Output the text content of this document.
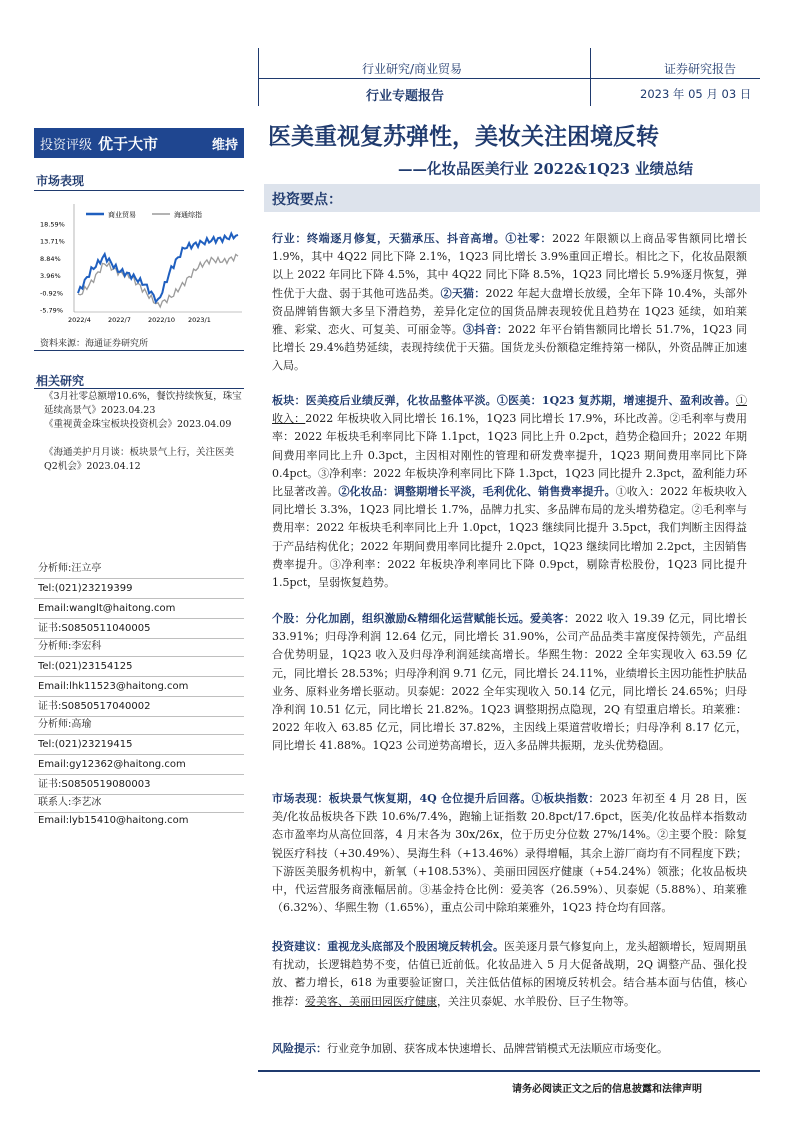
行业研究/商业贸易	证券研究报告
行业专题报告	2023 年 05 月 03 日
投资评级 优于大市	维持
市场表现
18.59%
13.71%
8.84%
3.96%
-0.92%
-5.79%
2022/4	2022/7	2022/10 2023/1
商业贸易	海通综指
资料来源：海通证券研究所
相关研究
《3月社零总额增10.6%，餐饮持续恢复，珠宝延续高景气》2023.04.23
《重视黄金珠宝板块投资机会》2023.04.09
《海通美护月月谈：板块景气上行，关注医美Q2机会》2023.04.12
分析师:汪立亭
Tel:(021)23219399
Email:wanglt@haitong.com
证书:S0850511040005
分析师:李宏科
Tel:(021)23154125
Email:lhk11523@haitong.com
证书:S0850517040002
分析师:高瑜
Tel:(021)23219415
Email:gy12362@haitong.com
证书:S0850519080003
联系人:李艺冰
Email:lyb15410@haitong.com
医美重视复苏弹性，美妆关注困境反转
——化妆品医美行业 2022&1Q23 业绩总结
投资要点：
行业：终端逐月修复，天猫承压、抖音高增。①社零：2022 年限额以上商品零售额同比增长 1.9%，其中 4Q22 同比下降 2.1%，1Q23 同比增长 3.9%重回正增长。相比之下，化妆品限额以上 2022 年同比下降 4.5%，其中 4Q22 同比下降 8.5%，1Q23 同比增长 5.9%逐月恢复，弹性优于大盘、弱于其他可选品类。②天猫：2022 年起大盘增长放缓，全年下降 10.4%，头部外资品牌销售额大多呈下滑趋势，差异化定位的国货品牌表现较优且趋势在 1Q23 延续，如珀莱雅、彩棠、恋火、可复美、可丽金等。③抖音：2022 年平台销售额同比增长 51.7%，1Q23 同比增长 29.4%趋势延续，表现持续优于天猫。国货龙头份额稳定维持第一梯队，外资品牌正加速入局。
板块：医美疫后业绩反弹，化妆品整体平淡。①医美：1Q23 复苏期，增速提升、盈利改善。①收入：2022 年板块收入同比增长 16.1%，1Q23 同比增长 17.9%，环比改善。②毛利率与费用率：2022 年板块毛利率同比下降 1.1pct，1Q23 同比上升 0.2pct，趋势企稳回升；2022 年期间费用率同比上升 0.3pct，主因相对刚性的管理和研发费率提升，1Q23 期间费用率同比下降 0.4pct。③净利率：2022 年板块净利率同比下降 1.3pct，1Q23 同比提升 2.3pct，盈利能力环比显著改善。②化妆品：调整期增长平淡，毛利优化、销售费率提升。①收入：2022 年板块收入同比增长 3.3%，1Q23 同比增长 1.7%，品牌力扎实、多品牌布局的龙头增势稳定。②毛利率与费用率：2022 年板块毛利率同比上升 1.0pct，1Q23 继续同比提升 3.5pct，我们判断主因得益于产品结构优化；2022 年期间费用率同比提升 2.0pct，1Q23 继续同比增加 2.2pct，主因销售费率提升。③净利率：2022 年板块净利率同比下降 0.9pct，剔除青松股份，1Q23 同比提升 1.5pct，呈弱恢复趋势。
个股：分化加剧，组织激励&精细化运营赋能长远。爱美客：2022 收入 19.39 亿元，同比增长 33.91%；归母净利润 12.64 亿元，同比增长 31.90%，公司产品品类丰富度保持领先，产品组合优势明显，1Q23 收入及归母净利润延续高增长。华熙生物：2022 全年实现收入 63.59 亿元，同比增长 28.53%；归母净利润 9.71 亿元，同比增长 24.11%，业绩增长主因功能性护肤品业务、原料业务增长驱动。贝泰妮：2022 全年实现收入 50.14 亿元，同比增长 24.65%；归母净利润 10.51 亿元，同比增长 21.82%。1Q23 调整期拐点隐现，2Q 有望重启增长。珀莱雅：2022 年收入 63.85 亿元，同比增长 37.82%，主因线上渠道营收增长；归母净利 8.17 亿元，同比增长 41.88%。1Q23 公司逆势高增长，迈入多品牌共振期，龙头优势稳固。
市场表现：板块景气恢复期，4Q 仓位提升后回落。①板块指数：2023 年初至 4 月 28 日，医美/化妆品板块各下跌 10.6%/7.4%，跑输上证指数 20.8pct/17.6pct，医美/化妆品样本指数动态市盈率均从高位回落，4 月末各为 30x/26x，位于历史分位数 27%/14%。②主要个股：除复锐医疗科技（+30.49%）、昊海生科（+13.46%）录得增幅，其余上游厂商均有不同程度下跌；下游医美服务机构中，新氧（+108.53%）、美丽田园医疗健康（+54.24%）领涨；化妆品板块中，代运营服务商涨幅居前。③基金持仓比例：爱美客（26.59%）、贝泰妮（5.88%）、珀莱雅（6.32%）、华熙生物（1.65%），重点公司中除珀莱雅外，1Q23 持仓均有回落。
投资建议：重视龙头底部及个股困境反转机会。医美逐月景气修复向上，龙头超额增长，短周期虽有扰动，长逻辑趋势不变，估值已近前低。化妆品进入 5 月大促备战期，2Q 调整产品、强化投放、蓄力增长，618 为重要验证窗口，关注低估值标的困境反转机会。结合基本面与估值，核心推荐：爱美客、美丽田园医疗健康，关注贝泰妮、水羊股份、巨子生物等。
风险提示：行业竞争加剧、获客成本快速增长、品牌营销模式无法顺应市场变化。
请务必阅读正文之后的信息披露和法律声明
